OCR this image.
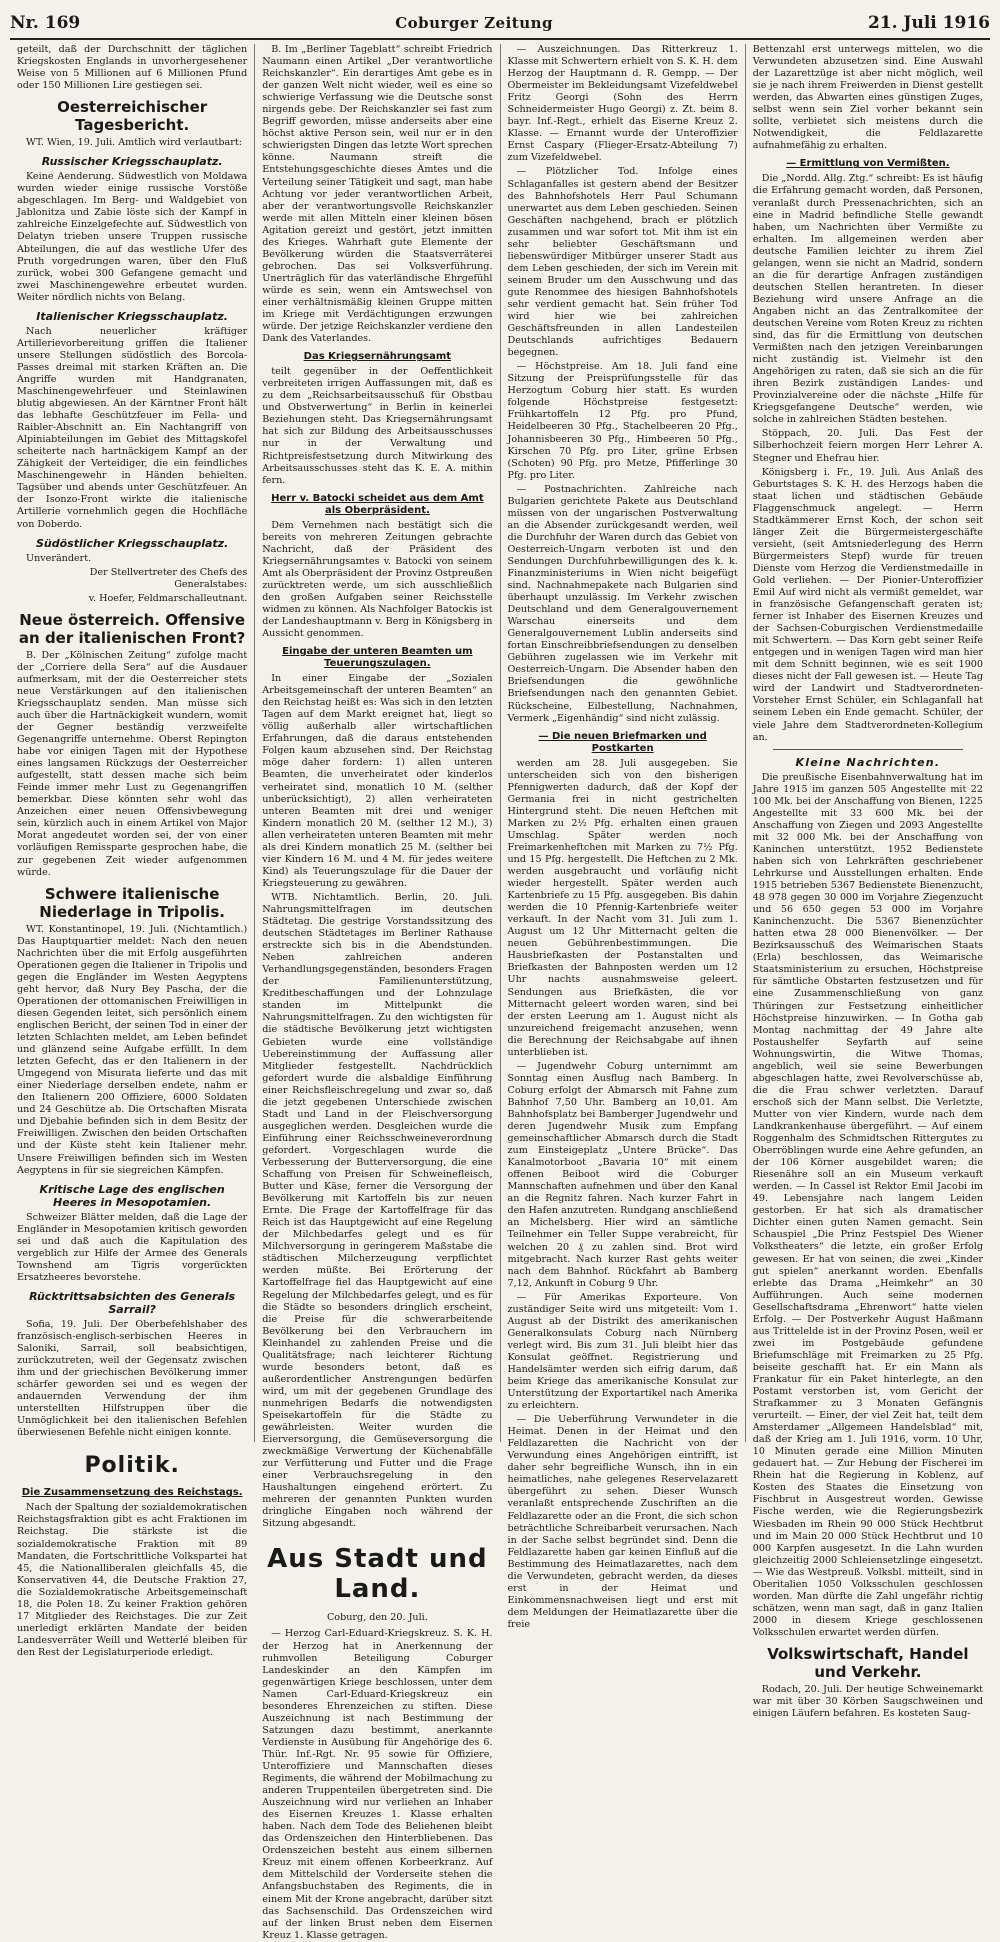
Nr. 169	Coburger Zeitung	21. Juli 1916

geteilt, daß der Durchschnitt der täglichen Kriegskosten Englands in unvorhergesehener Weise von 5 Millionen auf 6 Millionen Pfund oder 150 Millionen Lire gestiegen sei.

Oesterreichischer Tagesbericht.

WT. Wien, 19. Juli. Amtlich wird verlautbart:

Russischer Kriegsschauplatz.

Keine Aenderung. Südwestlich von Moldawa wurden wieder einige russische Vorstöße abgeschlagen. Im Berg- und Waldgebiet von Jablonitza und Zabie löste sich der Kampf in zahlreiche Einzelgefechte auf. Südwestlich von Delatyn trieben unsere Truppen russische Abteilungen, die auf das westliche Ufer des Pruth vorgedrungen waren, über den Fluß zurück, wobei 300 Gefangene gemacht und zwei Maschinengewehre erbeutet wurden. Weiter nördlich nichts von Belang.

Italienischer Kriegsschauplatz.

Nach neuerlicher kräftiger Artillerievorbereitung griffen die Italiener unsere Stellungen südöstlich des Borcola-Passes dreimal mit starken Kräften an. Die Angriffe wurden mit Handgranaten, Maschinengewehrfeuer und Steinlawinen blutig abgewiesen. An der Kärntner Front hält das lebhafte Geschützfeuer im Fella- und Raibler-Abschnitt an. Ein Nachtangriff von Alpiniabteilungen im Gebiet des Mittagskofel scheiterte nach hartnäckigem Kampf an der Zähigkeit der Verteidiger, die ein feindliches Maschinengewehr in Händen behielten. Tagsüber und abends unter Geschützfeuer. An der Isonzo-Front wirkte die italienische Artillerie vornehmlich gegen die Hochfläche von Doberdo.

Südöstlicher Kriegsschauplatz.

Unverändert.

Der Stellvertreter des Chefs des Generalstabes:

v. Hoefer, Feldmarschalleutnant.

Neue österreich. Offensive an der italienischen Front?

B. Der „Kölnischen Zeitung“ zufolge macht der „Corriere della Sera“ auf die Ausdauer aufmerksam, mit der die Oesterreicher stets neue Verstärkungen auf den italienischen Kriegsschauplatz senden. Man müsse sich auch über die Hartnäckigkeit wundern, womit der Gegner beständig verzweifelte Gegenangriffe unternehme. Oberst Repington habe vor einigen Tagen mit der Hypothese eines langsamen Rückzugs der Oesterreicher aufgestellt, statt dessen mache sich beim Feinde immer mehr Lust zu Gegenangriffen bemerkbar. Diese könnten sehr wohl das Anzeichen einer neuen Offensivbewegung sein, kürzlich auch in einem Artikel von Major Morat angedeutet worden sei, der von einer vorläufigen Remissparte gesprochen habe, die zur gegebenen Zeit wieder aufgenommen würde.

Schwere italienische Niederlage in Tripolis.

WT. Konstantinopel, 19. Juli. (Nichtamtlich.) Das Hauptquartier meldet: Nach den neuen Nachrichten über die mit Erfolg ausgeführten Operationen gegen die Italiener in Tripolis und gegen die Engländer im Westen Aegyptens geht hervor, daß Nury Bey Pascha, der die Operationen der ottomanischen Freiwilligen in diesen Gegenden leitet, sich persönlich einem englischen Bericht, der seinen Tod in einer der letzten Schlachten meldet, am Leben befindet und glänzend seine Aufgabe erfüllt. In dem letzten Gefecht, das er den Italienern in der Umgegend von Misurata lieferte und das mit einer Niederlage derselben endete, nahm er den Italienern 200 Offiziere, 6000 Soldaten und 24 Geschütze ab. Die Ortschaften Misrata und Djebahie befinden sich in dem Besitz der Freiwilligen. Zwischen den beiden Ortschaften und der Küste steht kein Italiener mehr. Unsere Freiwilligen befinden sich im Westen Aegyptens in für sie siegreichen Kämpfen.

Kritische Lage des englischen Heeres in Mesopotamien.

Schweizer Blätter melden, daß die Lage der Engländer in Mesopotamien kritisch geworden sei und daß auch die Kapitulation des vergeblich zur Hilfe der Armee des Generals Townshend am Tigris vorgerückten Ersatzheeres bevorstehe.

Rücktrittsabsichten des Generals Sarrail?

Sofia, 19. Juli. Der Oberbefehlshaber des französisch-englisch-serbischen Heeres in Saloniki, Sarrail, soll beabsichtigen, zurückzutreten, weil der Gegensatz zwischen ihm und der griechischen Bevölkerung immer schärfer geworden sei und es wegen der andauernden Verwendung der ihm unterstellten Hilfstruppen über die Unmöglichkeit bei den italienischen Befehlen überwiesenen Befehle nicht einigen konnte.

Politik.
Die Zusammensetzung des Reichstags.

Nach der Spaltung der sozialdemokratischen Reichstagsfraktion gibt es acht Fraktionen im Reichstag. Die stärkste ist die sozialdemokratische Fraktion mit 89 Mandaten, die Fortschrittliche Volkspartei hat 45, die Nationalliberalen gleichfalls 45, die Konservativen 44, die Deutsche Fraktion 27, die Sozialdemokratische Arbeitsgemeinschaft 18, die Polen 18. Zu keiner Fraktion gehören 17 Mitglieder des Reichstages. Die zur Zeit unerledigt erklärten Mandate der beiden Landesverräter Weill und Wetterlé bleiben für den Rest der Legislaturperiode erledigt.

B. Im „Berliner Tageblatt“ schreibt Friedrich Naumann einen Artikel „Der verantwortliche Reichskanzler“. Ein derartiges Amt gebe es in der ganzen Welt nicht wieder, weil es eine so schwierige Verfassung wie die Deutsche sonst nirgends gebe. Der Reichskanzler sei fast zum Begriff geworden, müsse anderseits aber eine höchst aktive Person sein, weil nur er in den schwierigsten Dingen das letzte Wort sprechen könne. Naumann streift die Entstehungsgeschichte dieses Amtes und die Verteilung seiner Tätigkeit und sagt, man habe Achtung vor jeder verantwortlichen Arbeit, aber der verantwortungsvolle Reichskanzler werde mit allen Mitteln einer kleinen bösen Agitation gereizt und gestört, jetzt inmitten des Krieges. Wahrhaft gute Elemente der Bevölkerung würden die Staatsverräterei gebrochen. Das sei Volksverführung. Unerträglich für das vaterländische Ehrgefühl würde es sein, wenn ein Amtswechsel von einer verhältnismäßig kleinen Gruppe mitten im Kriege mit Verdächtigungen erzwungen würde. Der jetzige Reichskanzler verdiene den Dank des Vaterlandes.

Das Kriegsernährungsamt

teilt gegenüber in der Oeffentlichkeit verbreiteten irrigen Auffassungen mit, daß es zu dem „Reichsarbeitsausschuß für Obstbau und Obstverwertung“ in Berlin in keinerlei Beziehungen steht. Das Kriegsernährungsamt hat sich zur Bildung des Arbeitsausschusses nur in der Verwaltung und Richtpreisfestsetzung durch Mitwirkung des Arbeitsausschusses steht das K. E. A. mithin fern.

Herr v. Batocki scheidet aus dem Amt als Oberpräsident.

Dem Vernehmen nach bestätigt sich die bereits von mehreren Zeitungen gebrachte Nachricht, daß der Präsident des Kriegsernährungsamtes v. Batocki von seinem Amt als Oberpräsident der Provinz Ostpreußen zurücktreten werde, um sich ausschließlich den großen Aufgaben seiner Reichsstelle widmen zu können. Als Nachfolger Batockis ist der Landeshauptmann v. Berg in Königsberg in Aussicht genommen.

Eingabe der unteren Beamten um Teuerungszulagen.

In einer Eingabe der „Sozialen Arbeitsgemeinschaft der unteren Beamten“ an den Reichstag heißt es: Was sich in den letzten Tagen auf dem Markt ereignet hat, liegt so völlig außerhalb aller wirtschaftlichen Erfahrungen, daß die daraus entstehenden Folgen kaum abzusehen sind. Der Reichstag möge daher fordern: 1) allen unteren Beamten, die unverheiratet oder kinderlos verheiratet sind, monatlich 10 M. (selther unberücksichtigt), 2) allen verheirateten unteren Beamten mit drei und weniger Kindern monatlich 20 M. (selther 12 M.), 3) allen verheirateten unteren Beamten mit mehr als drei Kindern monatlich 25 M. (selther bei vier Kindern 16 M. und 4 M. für jedes weitere Kind) als Teuerungszulage für die Dauer der Kriegsteuerung zu gewähren.

WTB. Nichtamtlich. Berlin, 20. Juli. Nahrungsmittelfragen im deutschen Städtetag. Die gestrige Vorstandssitzung des deutschen Städtetages im Berliner Rathause erstreckte sich bis in die Abendstunden. Neben zahlreichen anderen Verhandlungsgegenständen, besonders Fragen der Familienunterstützung, Kreditbeschaffungen und der Lohnzulage standen im Mittelpunkt die Nahrungsmittelfragen. Zu den wichtigsten für die städtische Bevölkerung jetzt wichtigsten Gebieten wurde eine vollständige Uebereinstimmung der Auffassung aller Mitglieder festgestellt. Nachdrücklich gefordert wurde die alsbaldige Einführung einer Reichsfleischregelung und zwar so, daß die jetzt gegebenen Unterschiede zwischen Stadt und Land in der Fleischversorgung ausgeglichen werden. Desgleichen wurde die Einführung einer Reichsschweineverordnung gefordert. Vorgeschlagen wurde die Verbesserung der Butterversorgung, die eine Schaffung von Preisen für Schweinefleisch, Butter und Käse, ferner die Versorgung der Bevölkerung mit Kartoffeln bis zur neuen Ernte. Die Frage der Kartoffelfrage für das Reich ist das Hauptgewicht auf eine Regelung der Milchbedarfes gelegt und es für Milchversorgung in geringerem Maßstabe die städtischen Milcherzeugung verpflichtet werden müßte. Bei Erörterung der Kartoffelfrage fiel das Hauptgewicht auf eine Regelung der Milchbedarfes gelegt, und es für die Städte so besonders dringlich erscheint, die Preise für die schwerarbeitende Bevölkerung bei den Verbrauchern im Kleinhandel zu zahlenden Preise und die Qualitätsfrage; nach leichterer Richtung wurde besonders betont, daß es außerordentlicher Anstrengungen bedürfen wird, um mit der gegebenen Grundlage des nunmehrigen Bedarfs die notwendigsten Speisekartoffeln für die Städte zu gewährleisten. Weiter wurden die Eierversorgung, die Gemüseversorgung die zweckmäßige Verwertung der Küchenabfälle zur Verfütterung und Futter und die Frage einer Verbrauchsregelung in den Haushaltungen eingehend erörtert. Zu mehreren der genannten Punkten wurden dringliche Eingaben noch während der Sitzung abgesandt.

Aus Stadt und Land.
Coburg, den 20. Juli.

— Herzog Carl-Eduard-Kriegskreuz. S. K. H. der Herzog hat in Anerkennung der ruhmvollen Beteiligung Coburger Landeskinder an den Kämpfen im gegenwärtigen Kriege beschlossen, unter dem Namen Carl-Eduard-Kriegskreuz ein besonderes Ehrenzeichen zu stiften. Diese Auszeichnung ist nach Bestimmung der Satzungen dazu bestimmt, anerkannte Verdienste in Ausübung für Angehörige des 6. Thür. Inf.-Rgt. Nr. 95 sowie für Offiziere, Unteroffiziere und Mannschaften dieses Regiments, die während der Mobilmachung zu anderen Truppenteilen übergetreten sind. Die Auszeichnung wird nur verliehen an Inhaber des Eisernen Kreuzes 1. Klasse erhalten haben. Nach dem Tode des Beliehenen bleibt das Ordenszeichen den Hinterbliebenen. Das Ordenszeichen besteht aus einem silbernen Kreuz mit einem offenen Korbeerkranz. Auf dem Mittelschild der Vorderseite stehen die Anfangsbuchstaben des Regiments, die in einem Mit der Krone angebracht, darüber sitzt das Sachsenschild. Das Ordenszeichen wird auf der linken Brust neben dem Eisernen Kreuz 1. Klasse getragen.

— Auszeichnungen. Das Ritterkreuz 1. Klasse mit Schwertern erhielt von S. K. H. dem Herzog der Hauptmann d. R. Gempp. — Der Obermeister im Bekleidungsamt Vizefeldwebel Fritz Georgi (Sohn des Herrn Schneidermeister Hugo Georgi) z. Zt. beim 8. bayr. Inf.-Regt., erhielt das Eiserne Kreuz 2. Klasse. — Ernannt wurde der Unteroffizier Ernst Caspary (Flieger-Ersatz-Abteilung 7) zum Vizefeldwebel.

— Plötzlicher Tod. Infolge eines Schlaganfalles ist gestern abend der Besitzer des Bahnhofshotels Herr Paul Schumann unerwartet aus dem Leben geschieden. Seinen Geschäften nachgehend, brach er plötzlich zusammen und war sofort tot. Mit ihm ist ein sehr beliebter Geschäftsmann und liebenswürdiger Mitbürger unserer Stadt aus dem Leben geschieden, der sich im Verein mit seinem Bruder um den Ausschwung und das gute Renommee des hiesigen Bahnhofshotels sehr verdient gemacht hat. Sein früher Tod wird hier wie bei zahlreichen Geschäftsfreunden in allen Landesteilen Deutschlands aufrichtiges Bedauern begegnen.

— Höchstpreise. Am 18. Juli fand eine Sitzung der Preisprüfungsstelle für das Herzogtum Coburg hier statt. Es wurden folgende Höchstpreise festgesetzt: Frühkartoffeln 12 Pfg. pro Pfund, Heidelbeeren 30 Pfg., Stachelbeeren 20 Pfg., Johannisbeeren 30 Pfg., Himbeeren 50 Pfg., Kirschen 70 Pfg. pro Liter, grüne Erbsen (Schoten) 90 Pfg. pro Metze, Pfifferlinge 30 Pfg. pro Liter.

— Postnachrichten. Zahlreiche nach Bulgarien gerichtete Pakete aus Deutschland müssen von der ungarischen Postverwaltung an die Absender zurückgesandt werden, weil die Durchfuhr der Waren durch das Gebiet von Oesterreich-Ungarn verboten ist und den Sendungen Durchfuhrbewilligungen des k. k. Finanzministeriums in Wien nicht beigefügt sind. Nachnahmepakete nach Bulgarien sind überhaupt unzulässig. Im Verkehr zwischen Deutschland und dem Generalgouvernement Warschau einerseits und dem Generalgouvernement Lublin anderseits sind fortan Einschreibbriefsendungen zu denselben Gebühren zugelassen wie im Verkehr mit Oesterreich-Ungarn. Die Absender haben den Briefsendungen die gewöhnliche Briefsendungen nach den genannten Gebiet. Rückscheine, Eilbestellung, Nachnahmen, Vermerk „Eigenhändig“ sind nicht zulässig.

— Die neuen Briefmarken und Postkarten

werden am 28. Juli ausgegeben. Sie unterscheiden sich von den bisherigen Pfennigwerten dadurch, daß der Kopf der Germania frei in nicht gestrichelten Hintergrund steht. Die neuen Heftchen mit Marken zu 2½ Pfg. erhalten einen grauen Umschlag. Später werden noch Freimarkenheftchen mit Marken zu 7½ Pfg. und 15 Pfg. hergestellt. Die Heftchen zu 2 Mk. werden ausgebraucht und vorläufig nicht wieder hergestellt. Später werden auch Kartenbriefe zu 15 Pfg. ausgegeben. Bis dahin werden die 10 Pfennig-Kartenbriefe weiter verkauft. In der Nacht vom 31. Juli zum 1. August um 12 Uhr Mitternacht gelten die neuen Gebührenbestimmungen. Die Hausbriefkasten der Postanstalten und Briefkasten der Bahnposten werden um 12 Uhr nachts ausnahmsweise geleert. Sendungen aus Briefkästen, die vor Mitternacht geleert worden waren, sind bei der ersten Leerung am 1. August nicht als unzureichend freigemacht anzusehen, wenn die Berechnung der Reichsabgabe auf ihnen unterblieben ist.

— Jugendwehr Coburg unternimmt am Sonntag einen Ausflug nach Bamberg. In Coburg erfolgt der Abmarsch mit Fahne zum Bahnhof 7,50 Uhr. Bamberg an 10,01. Am Bahnhofsplatz bei Bamberger Jugendwehr und deren Jugendwehr Musik zum Empfang gemeinschaftlicher Abmarsch durch die Stadt zum Einsteigeplatz „Untere Brücke“. Das Kanalmotorboot „Bavaria 10“ mit einem offenen Beiboot wird die Coburger Mannschaften aufnehmen und über den Kanal an die Regnitz fahren. Nach kurzer Fahrt in den Hafen anzutreten. Rundgang anschließend an Michelsberg. Hier wird an sämtliche Teilnehmer ein Teller Suppe verabreicht, für welchen 20 ₰ zu zahlen sind. Brot wird mitgebracht. Nach kurzer Rast gehts weiter nach dem Bahnhof. Rückfahrt ab Bamberg 7,12, Ankunft in Coburg 9 Uhr.

— Für Amerikas Exporteure. Von zuständiger Seite wird uns mitgeteilt: Vom 1. August ab der Distrikt des amerikanischen Generalkonsulats Coburg nach Nürnberg verlegt wird. Bis zum 31. Juli bleibt hier das Konsulat geöffnet. Registrierung und Handelsämter werden sich eifrig darum, daß beim Kriege das amerikanische Konsulat zur Unterstützung der Exportartikel nach Amerika zu erleichtern.

— Die Ueberführung Verwundeter in die Heimat. Denen in der Heimat und den Feldlazaretten die Nachricht von der Verwundung eines Angehörigen eintrifft, ist daher sehr begreifliche Wunsch, ihn in ein heimatliches, nahe gelegenes Reservelazarett übergeführt zu sehen. Dieser Wunsch veranlaßt entsprechende Zuschriften an die Feldlazarette oder an die Front, die sich schon beträchtliche Schreibarbeit verursachen. Nach in der Sache selbst begründet sind. Denn die Feldlazarette haben gar keinen Einfluß auf die Bestimmung des Heimatlazarettes, nach dem die Verwundeten, gebracht werden, da dieses erst in der Heimat und Einkommensnachweisen liegt und erst mit dem Meldungen der Heimatlazarette über die freie

Bettenzahl erst unterwegs mittelen, wo die Verwundeten abzusetzen sind. Eine Auswahl der Lazarettzüge ist aber nicht möglich, weil sie je nach ihrem Freiwerden in Dienst gestellt werden, das Abwarten eines günstigen Zuges, selbst wenn sein Ziel vorher bekannt sein sollte, verbietet sich meistens durch die Notwendigkeit, die Feldlazarette aufnahmefähig zu erhalten.

— Ermittlung von Vermißten.

Die „Nordd. Allg. Ztg.“ schreibt: Es ist häufig die Erfahrung gemacht worden, daß Personen, veranlaßt durch Pressenachrichten, sich an eine in Madrid befindliche Stelle gewandt haben, um Nachrichten über Vermißte zu erhalten. Im allgemeinen werden aber deutsche Familien leichter zu ihrem Ziel gelangen, wenn sie nicht an Madrid, sondern an die für derartige Anfragen zuständigen deutschen Stellen herantreten. In dieser Beziehung wird unsere Anfrage an die Angaben nicht an das Zentralkomitee der deutschen Vereine vom Roten Kreuz zu richten sind, das für die Ermittlung von deutschen Vermißten nach den jetzigen Vereinbarungen nicht zuständig ist. Vielmehr ist den Angehörigen zu raten, daß sie sich an die für ihren Bezirk zuständigen Landes- und Provinzialvereine oder die nächste „Hilfe für Kriegsgefangene Deutsche“ werden, wie solche in zahlreichen Städten bestehen.

Stöppach, 20. Juli. Das Fest der Silberhochzeit feiern morgen Herr Lehrer A. Stegner und Ehefrau hier.

Königsberg i. Fr., 19. Juli. Aus Anlaß des Geburtstages S. K. H. des Herzogs haben die staat lichen und städtischen Gebäude Flaggenschmuck angelegt. — Herrn Stadtkämmerer Ernst Koch, der schon seit länger Zeit die Bürgermeistergeschäfte versieht, (seit Amtsniederlegung des Herrn Bürgermeisters Stepf) wurde für treuen Dienste vom Herzog die Verdienstmedaille in Gold verliehen. — Der Pionier-Unteroffizier Emil Auf wird nicht als vermißt gemeldet, war in französische Gefangenschaft geraten ist; ferner ist Inhaber des Eisernen Kreuzes und der Sachsen-Coburgischen Verdienstmedaille mit Schwertern. — Das Korn gebt seiner Reife entgegen und in wenigen Tagen wird man hier mit dem Schnitt beginnen, wie es seit 1900 dieses nicht der Fall gewesen ist. — Heute Tag wird der Landwirt und Stadtverordneten-Vorsteher Ernst Schüler, ein Schlaganfall hat seinem Leben ein Ende gemacht. Schüler, der viele Jahre dem Stadtverordneten-Kollegium an.

Kleine Nachrichten.

Die preußische Eisenbahnverwaltung hat im Jahre 1915 im ganzen 505 Angestellte mit 22 100 Mk. bei der Anschaffung von Bienen, 1225 Angestellte mit 33 600 Mk. bei der Anschaffung von Ziegen und 2093 Angestellte mit 32 000 Mk. bei der Anschaffung von Kaninchen unterstützt. 1952 Bedienstete haben sich von Lehrkräften geschriebener Lehrkurse und Ausstellungen erhalten. Ende 1915 betrieben 5367 Bedienstete Bienenzucht, 48 978 gegen 30 000 im Vorjahre Ziegenzucht und 56 650 gegen 53 000 im Vorjahre Kaninchenzucht. Die 5367 Bienenzüchter hatten etwa 28 000 Bienenvölker. — Der Bezirksausschuß des Weimarischen Staats (Erla) beschlossen, das Weimarische Staatsministerium zu ersuchen, Höchstpreise für sämtliche Obstarten festzusetzen und für eine Zusammenschließung von ganz Thüringen zur Festsetzung einheitlicher Höchstpreise hinzuwirken. — In Gotha gab Montag nachmittag der 49 Jahre alte Postaushelfer Seyfarth auf seine Wohnungswirtin, die Witwe Thomas, angeblich, weil sie seine Bewerbungen abgeschlagen hatte, zwei Revolverschüsse ab, die die Frau schwer verletzten. Darauf erschoß sich der Mann selbst. Die Verletzte, Mutter von vier Kindern, wurde nach dem Landkrankenhause übergeführt. — Auf einem Roggenhalm des Schmidtschen Rittergutes zu Oberröblingen wurde eine Aehre gefunden, an der 106 Körner ausgebildet waren; die Riesenähre soll an ein Museum verkauft werden. — In Cassel ist Rektor Emil Jacobi im 49. Lebensjahre nach langem Leiden gestorben. Er hat sich als dramatischer Dichter einen guten Namen gemacht. Sein Schauspiel „Die Prinz Festspiel Des Wiener Volkstheaters“ die letzte, ein großer Erfolg gewesen. Er hat von seinen, die zwei „Kinder gut spielen“ anerkannt worden. Ebenfalls erlebte das Drama „Heimkehr“ an 30 Aufführungen. Auch seine modernen Gesellschaftsdrama „Ehrenwort“ hatte vielen Erfolg. — Der Postverkehr August Haßmann aus Trittelelde ist in der Provinz Posen, weil er zwei im Postgebäude gefundene Briefumschläge mit Freimarken zu 25 Pfg. beiseite geschafft hat. Er ein Mann als Frankatur für ein Paket hinterlegte, an den Postamt verstorben ist, vom Gericht der Strafkammer zu 3 Monaten Gefängnis verurteilt. — Einer, der viel Zeit hat, teilt dem Amsterdamer „Allgemeen Handelsblad“ mit, daß der Krieg am 1. Juli 1916, vorm. 10 Uhr, 10 Minuten gerade eine Million Minuten gedauert hat. — Zur Hebung der Fischerei im Rhein hat die Regierung in Koblenz, auf Kosten des Staates die Einsetzung von Fischbrut in Ausgestreut worden. Gewisse Fische werden, wie die Regierungsbezirk Wiesbaden im Rhein 90 000 Stück Hechtbrut und im Main 20 000 Stück Hechtbrut und 10 000 Karpfen ausgesetzt. In die Lahn wurden gleichzeitig 2000 Schleiensetzlinge eingesetzt. — Wie das Westpreuß. Volksbl. mitteilt, sind in Oberitalien 1050 Volksschulen geschlossen worden. Man dürfte die Zahl ungefähr richtig schätzen, wenn man sagt, daß in ganz Italien 2000 in diesem Kriege geschlossenen Volksschulen erwartet werden dürfen.

Volkswirtschaft, Handel und Verkehr.

Rodach, 20. Juli. Der heutige Schweinemarkt war mit über 30 Körben Saugschweinen und einigen Läufern befahren. Es kosteten Saug-
